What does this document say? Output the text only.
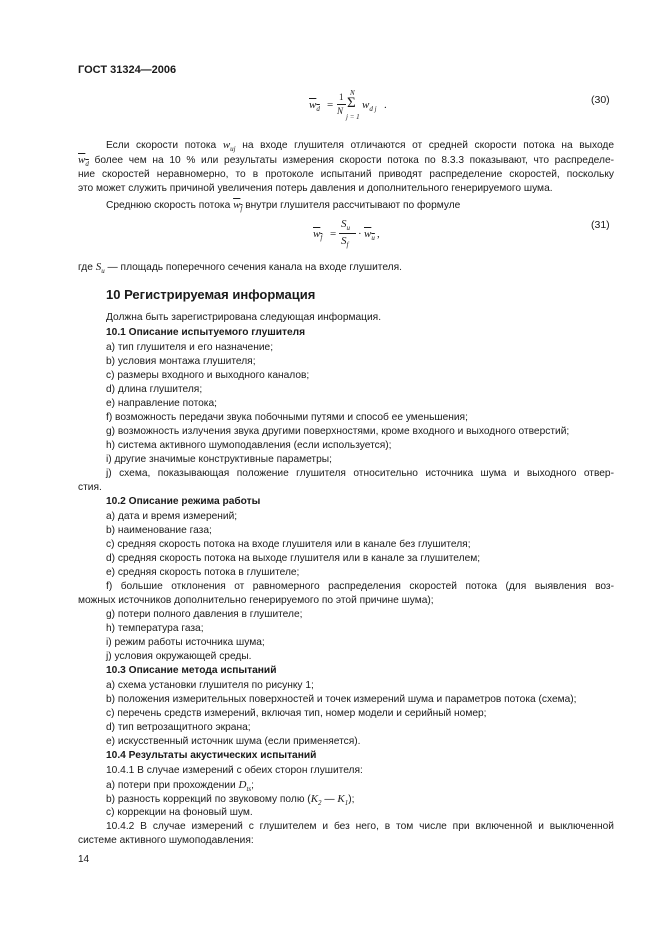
ГОСТ 31324—2006
$w_d$ =
1
N
N
Σ
j = 1
$w_{d j}$ .	(30)
Если скорости потока $w_{uj}$ на входе глушителя отличаются от средней скорости потока на выходе
$w_d$ более чем на 10 % или результаты измерения скорости потока по 8.3.3 показывают, что распределе-
ние скоростей неравномерно, то в протоколе испытаний приводят распределение скоростей, поскольку
это может служить причиной увеличения потерь давления и дополнительного генерируемого шума.
Среднюю скорость потока $w_f$ внутри глушителя рассчитывают по формуле
$w_f$ =
$S_u$
$S_f$
· $w_u$ ,
(31)
где $S_u$ — площадь поперечного сечения канала на входе глушителя.
10 Регистрируемая информация
Должна быть зарегистрирована следующая информация.
10.1 Описание испытуемого глушителя
a) тип глушителя и его назначение;
b) условия монтажа глушителя;
c) размеры входного и выходного каналов;
d) длина глушителя;
e) направление потока;
f) возможность передачи звука побочными путями и способ ее уменьшения;
g) возможность излучения звука другими поверхностями, кроме входного и выходного отверстий;
h) система активного шумоподавления (если используется);
i) другие значимые конструктивные параметры;
j) схема, показывающая положение глушителя относительно источника шума и выходного отвер-
стия.
10.2 Описание режима работы
a) дата и время измерений;
b) наименование газа;
c) средняя скорость потока на входе глушителя или в канале без глушителя;
d) средняя скорость потока на выходе глушителя или в канале за глушителем;
e) средняя скорость потока в глушителе;
f) большие отклонения от равномерного распределения скоростей потока (для выявления воз-
можных источников дополнительно генерируемого по этой причине шума);
g) потери полного давления в глушителе;
h) температура газа;
i) режим работы источника шума;
j) условия окружающей среды.
10.3 Описание метода испытаний
a) схема установки глушителя по рисунку 1;
b) положения измерительных поверхностей и точек измерений шума и параметров потока (схема);
c) перечень средств измерений, включая тип, номер модели и серийный номер;
d) тип ветрозащитного экрана;
e) искусственный источник шума (если применяется).
10.4 Результаты акустических испытаний
10.4.1 В случае измерений с обеих сторон глушителя:
a) потери при прохождении $D_{ts}$;
b) разность коррекций по звуковому полю ($K_2$ — $K_1$);
c) коррекции на фоновый шум.
10.4.2 В случае измерений с глушителем и без него, в том числе при включенной и выключенной
системе активного шумоподавления:
14
